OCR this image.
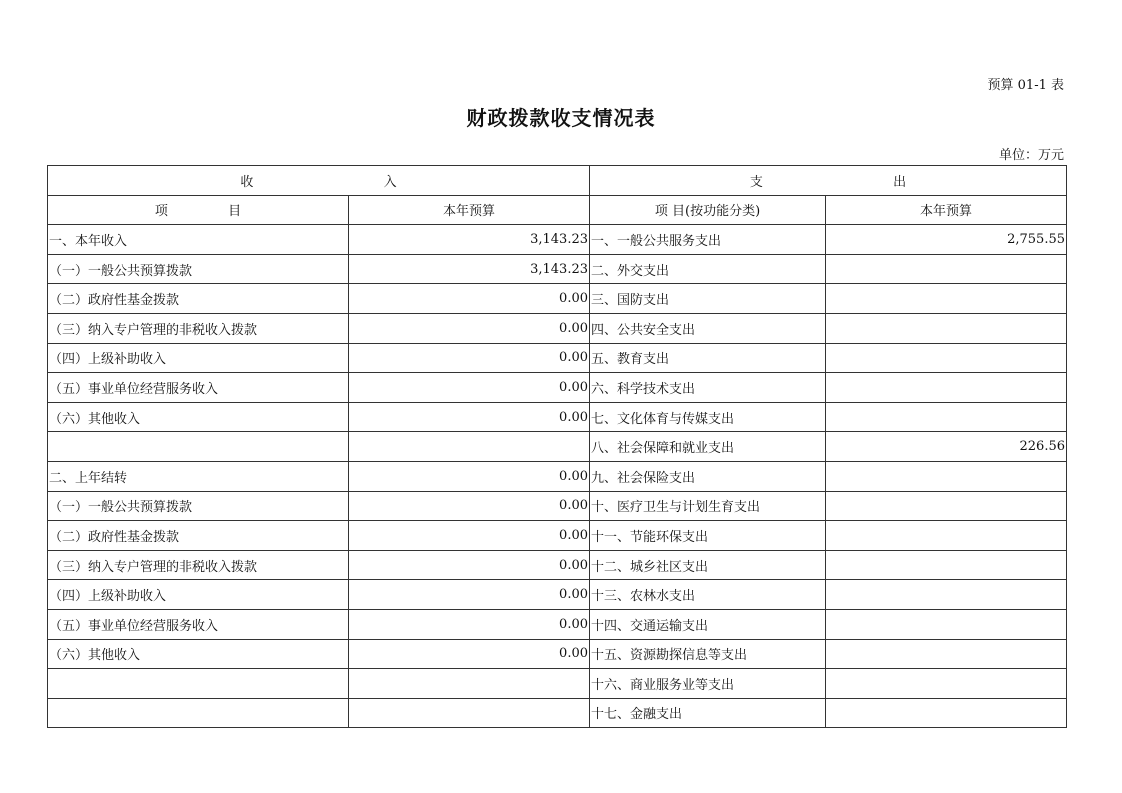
预算 01-1 表
财政拨款收支情况表
单位：万元
收 入		支 出	
项 目	本年预算	项 目(按功能分类)	本年预算
一、本年收入	3,143.23	一、一般公共服务支出	2,755.55
（一）一般公共预算拨款	3,143.23	二、外交支出	
（二）政府性基金拨款	0.00	三、国防支出	
（三）纳入专户管理的非税收入拨款	0.00	四、公共安全支出	
（四）上级补助收入	0.00	五、教育支出	
（五）事业单位经营服务收入	0.00	六、科学技术支出	
（六）其他收入	0.00	七、文化体育与传媒支出	
		八、社会保障和就业支出	226.56
二、上年结转	0.00	九、社会保险支出	
（一）一般公共预算拨款	0.00	十、医疗卫生与计划生育支出	
（二）政府性基金拨款	0.00	十一、节能环保支出	
（三）纳入专户管理的非税收入拨款	0.00	十二、城乡社区支出	
（四）上级补助收入	0.00	十三、农林水支出	
（五）事业单位经营服务收入	0.00	十四、交通运输支出	
（六）其他收入	0.00	十五、资源勘探信息等支出	
		十六、商业服务业等支出	
		十七、金融支出	
